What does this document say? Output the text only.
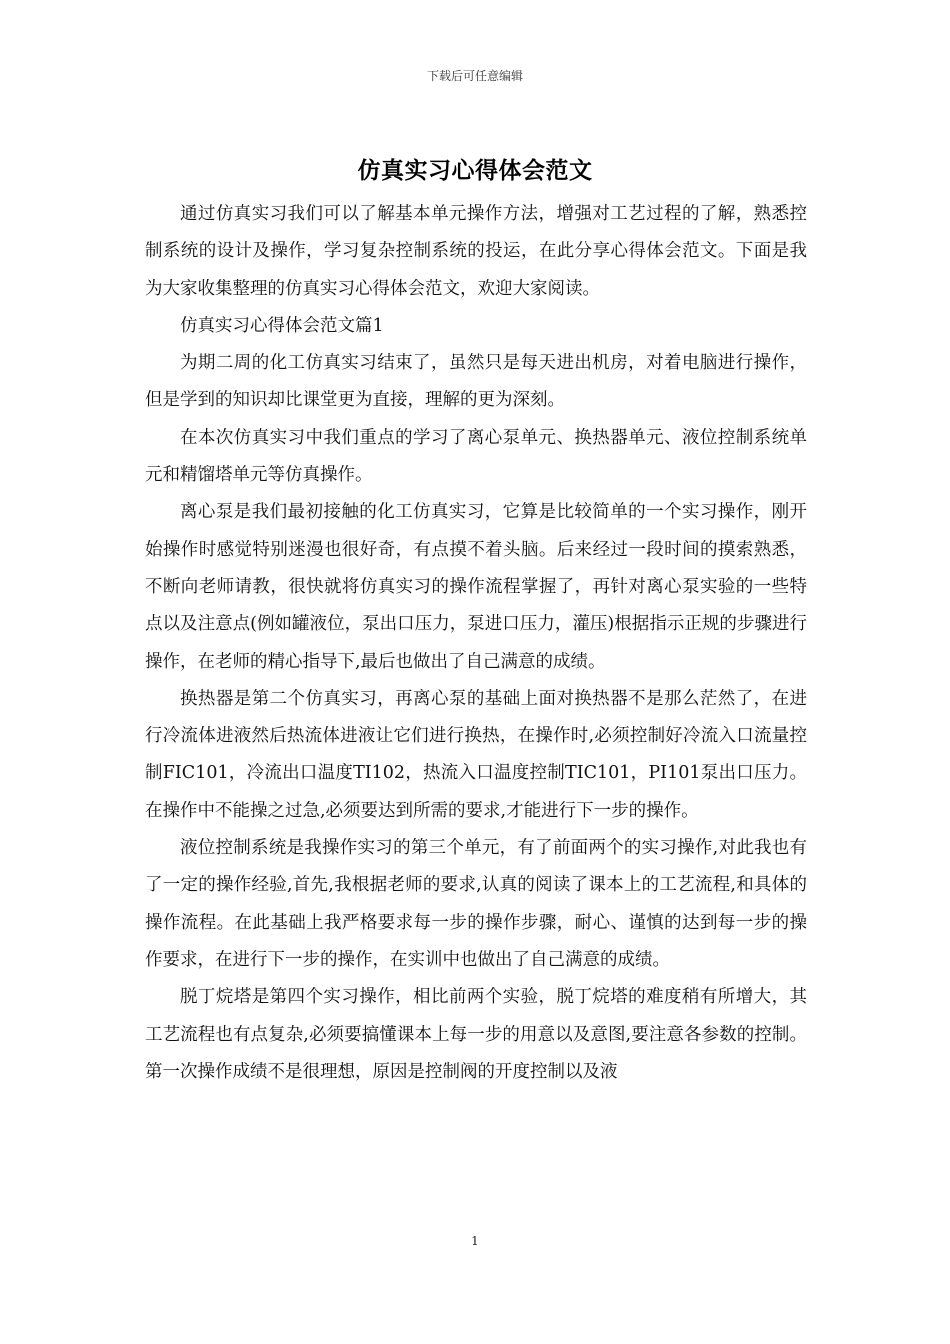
下载后可任意编辑
仿真实习心得体会范文

通过仿真实习我们可以了解基本单元操作方法，增强对工艺过程的了解，熟悉控制系统的设计及操作，学习复杂控制系统的投运，在此分享心得体会范文。下面是我为大家收集整理的仿真实习心得体会范文，欢迎大家阅读。

仿真实习心得体会范文篇1

为期二周的化工仿真实习结束了，虽然只是每天进出机房，对着电脑进行操作，但是学到的知识却比课堂更为直接，理解的更为深刻。

在本次仿真实习中我们重点的学习了离心泵单元、换热器单元、液位控制系统单元和精馏塔单元等仿真操作。

离心泵是我们最初接触的化工仿真实习，它算是比较简单的一个实习操作，刚开始操作时感觉特别迷漫也很好奇，有点摸不着头脑。后来经过一段时间的摸索熟悉，不断向老师请教，很快就将仿真实习的操作流程掌握了，再针对离心泵实验的一些特点以及注意点(例如罐液位，泵出口压力，泵进口压力，灌压)根据指示正规的步骤进行操作，在老师的精心指导下,最后也做出了自己满意的成绩。

换热器是第二个仿真实习，再离心泵的基础上面对换热器不是那么茫然了，在进行冷流体进液然后热流体进液让它们进行换热，在操作时,必须控制好冷流入口流量控制FIC101，冷流出口温度TI102，热流入口温度控制TIC101，PI101泵出口压力。在操作中不能操之过急,必须要达到所需的要求,才能进行下一步的操作。

液位控制系统是我操作实习的第三个单元，有了前面两个的实习操作,对此我也有了一定的操作经验,首先,我根据老师的要求,认真的阅读了课本上的工艺流程,和具体的操作流程。在此基础上我严格要求每一步的操作步骤，耐心、谨慎的达到每一步的操作要求，在进行下一步的操作，在实训中也做出了自己满意的成绩。

脱丁烷塔是第四个实习操作，相比前两个实验，脱丁烷塔的难度稍有所增大，其工艺流程也有点复杂,必须要搞懂课本上每一步的用意以及意图,要注意各参数的控制。第一次操作成绩不是很理想，原因是控制阀的开度控制以及液

1
